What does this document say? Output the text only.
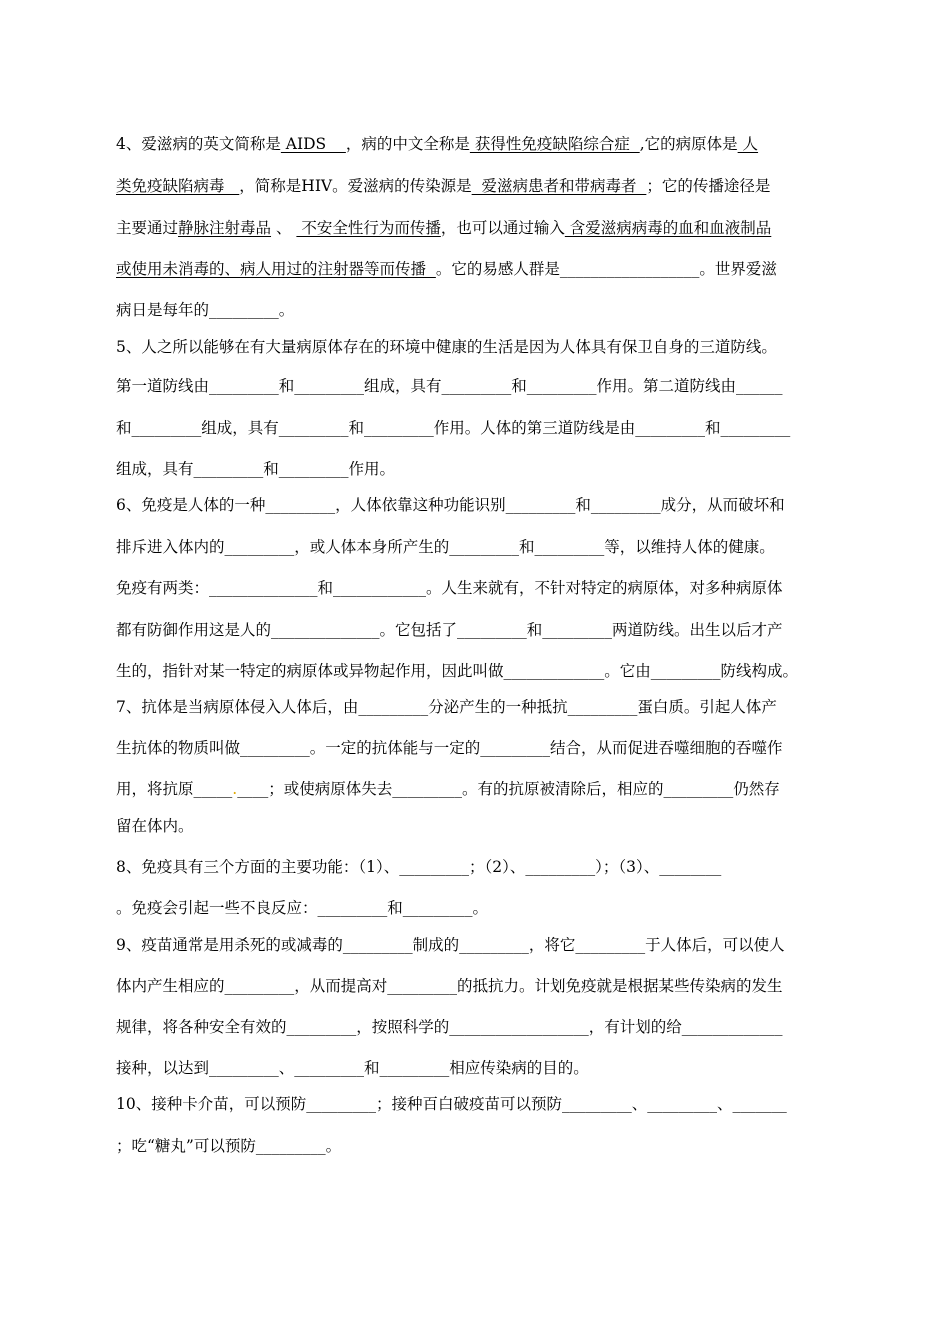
4、爱滋病的英文简称是 AIDS    ，病的中文全称是 获得性免疫缺陷综合症  ,它的病原体是 人
类免疫缺陷病毒   ，简称是HIV。爱滋病的传染源是  爱滋病患者和带病毒者  ；它的传播途径是
主要通过静脉注射毒品 、  不安全性行为而传播，也可以通过输入 含爱滋病病毒的血和血液制品
或使用未消毒的、病人用过的注射器等而传播  。它的易感人群是__________________。世界爱滋
病日是每年的_________。
5、人之所以能够在有大量病原体存在的环境中健康的生活是因为人体具有保卫自身的三道防线。
第一道防线由_________和_________组成，具有_________和_________作用。第二道防线由______
和_________组成，具有_________和_________作用。人体的第三道防线是由_________和_________
组成，具有_________和_________作用。
6、免疫是人体的一种_________，人体依靠这种功能识别_________和_________成分，从而破坏和
排斥进入体内的_________，或人体本身所产生的_________和_________等，以维持人体的健康。
免疫有两类：______________和____________。人生来就有，不针对特定的病原体，对多种病原体
都有防御作用这是人的______________。它包括了_________和_________两道防线。出生以后才产
生的，指针对某一特定的病原体或异物起作用，因此叫做_____________。它由_________防线构成。
7、抗体是当病原体侵入人体后，由_________分泌产生的一种抵抗_________蛋白质。引起人体产
生抗体的物质叫做_________。一定的抗体能与一定的_________结合，从而促进吞噬细胞的吞噬作
用，将抗原_____.____；或使病原体失去_________。有的抗原被清除后，相应的_________仍然存
留在体内。
8、免疫具有三个方面的主要功能：（1）、_________；（2）、_________）；（3）、________
。免疫会引起一些不良反应：_________和_________。
9、疫苗通常是用杀死的或减毒的_________制成的_________，将它_________于人体后，可以使人
体内产生相应的_________，从而提高对_________的抵抗力。计划免疫就是根据某些传染病的发生
规律，将各种安全有效的_________，按照科学的__________________，有计划的给_____________
接种，以达到_________、_________和_________相应传染病的目的。
10、接种卡介苗，可以预防_________；接种百白破疫苗可以预防_________、_________、_______
；吃“糖丸”可以预防_________。
